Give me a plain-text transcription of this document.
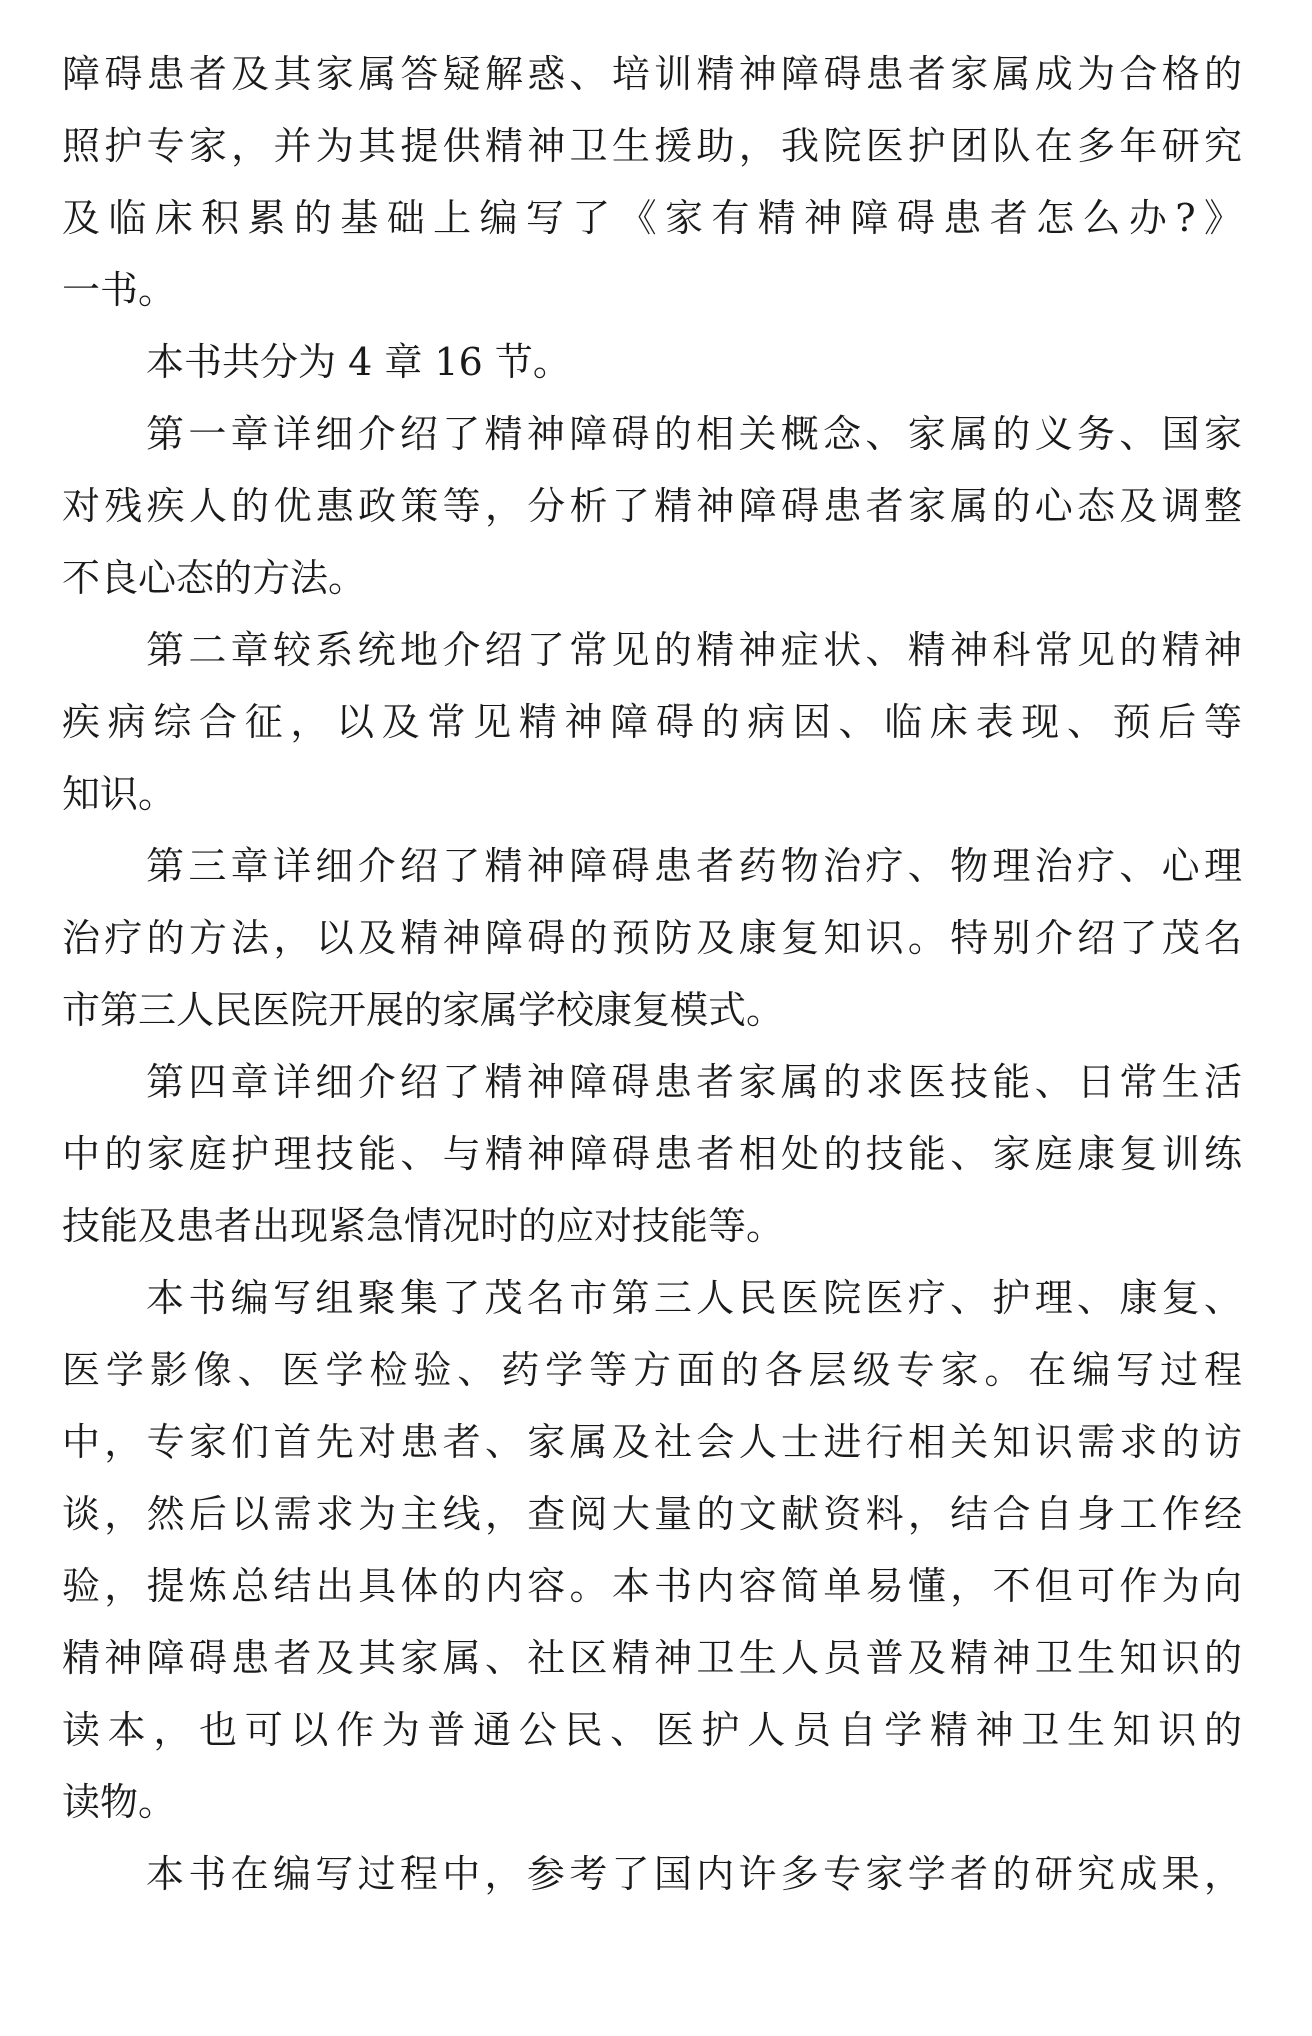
障碍患者及其家属答疑解惑、培训精神障碍患者家属成为合格的
照护专家，并为其提供精神卫生援助，我院医护团队在多年研究
及临床积累的基础上编写了《家有精神障碍患者怎么办?》
一书。
本书共分为 4 章 16 节。
第一章详细介绍了精神障碍的相关概念、家属的义务、国家
对残疾人的优惠政策等，分析了精神障碍患者家属的心态及调整
不良心态的方法。
第二章较系统地介绍了常见的精神症状、精神科常见的精神
疾病综合征，以及常见精神障碍的病因、临床表现、预后等
知识。
第三章详细介绍了精神障碍患者药物治疗、物理治疗、心理
治疗的方法，以及精神障碍的预防及康复知识。特别介绍了茂名
市第三人民医院开展的家属学校康复模式。
第四章详细介绍了精神障碍患者家属的求医技能、日常生活
中的家庭护理技能、与精神障碍患者相处的技能、家庭康复训练
技能及患者出现紧急情况时的应对技能等。
本书编写组聚集了茂名市第三人民医院医疗、护理、康复、
医学影像、医学检验、药学等方面的各层级专家。在编写过程
中，专家们首先对患者、家属及社会人士进行相关知识需求的访
谈，然后以需求为主线，查阅大量的文献资料，结合自身工作经
验，提炼总结出具体的内容。本书内容简单易懂，不但可作为向
精神障碍患者及其家属、社区精神卫生人员普及精神卫生知识的
读本，也可以作为普通公民、医护人员自学精神卫生知识的
读物。
本书在编写过程中，参考了国内许多专家学者的研究成果，
